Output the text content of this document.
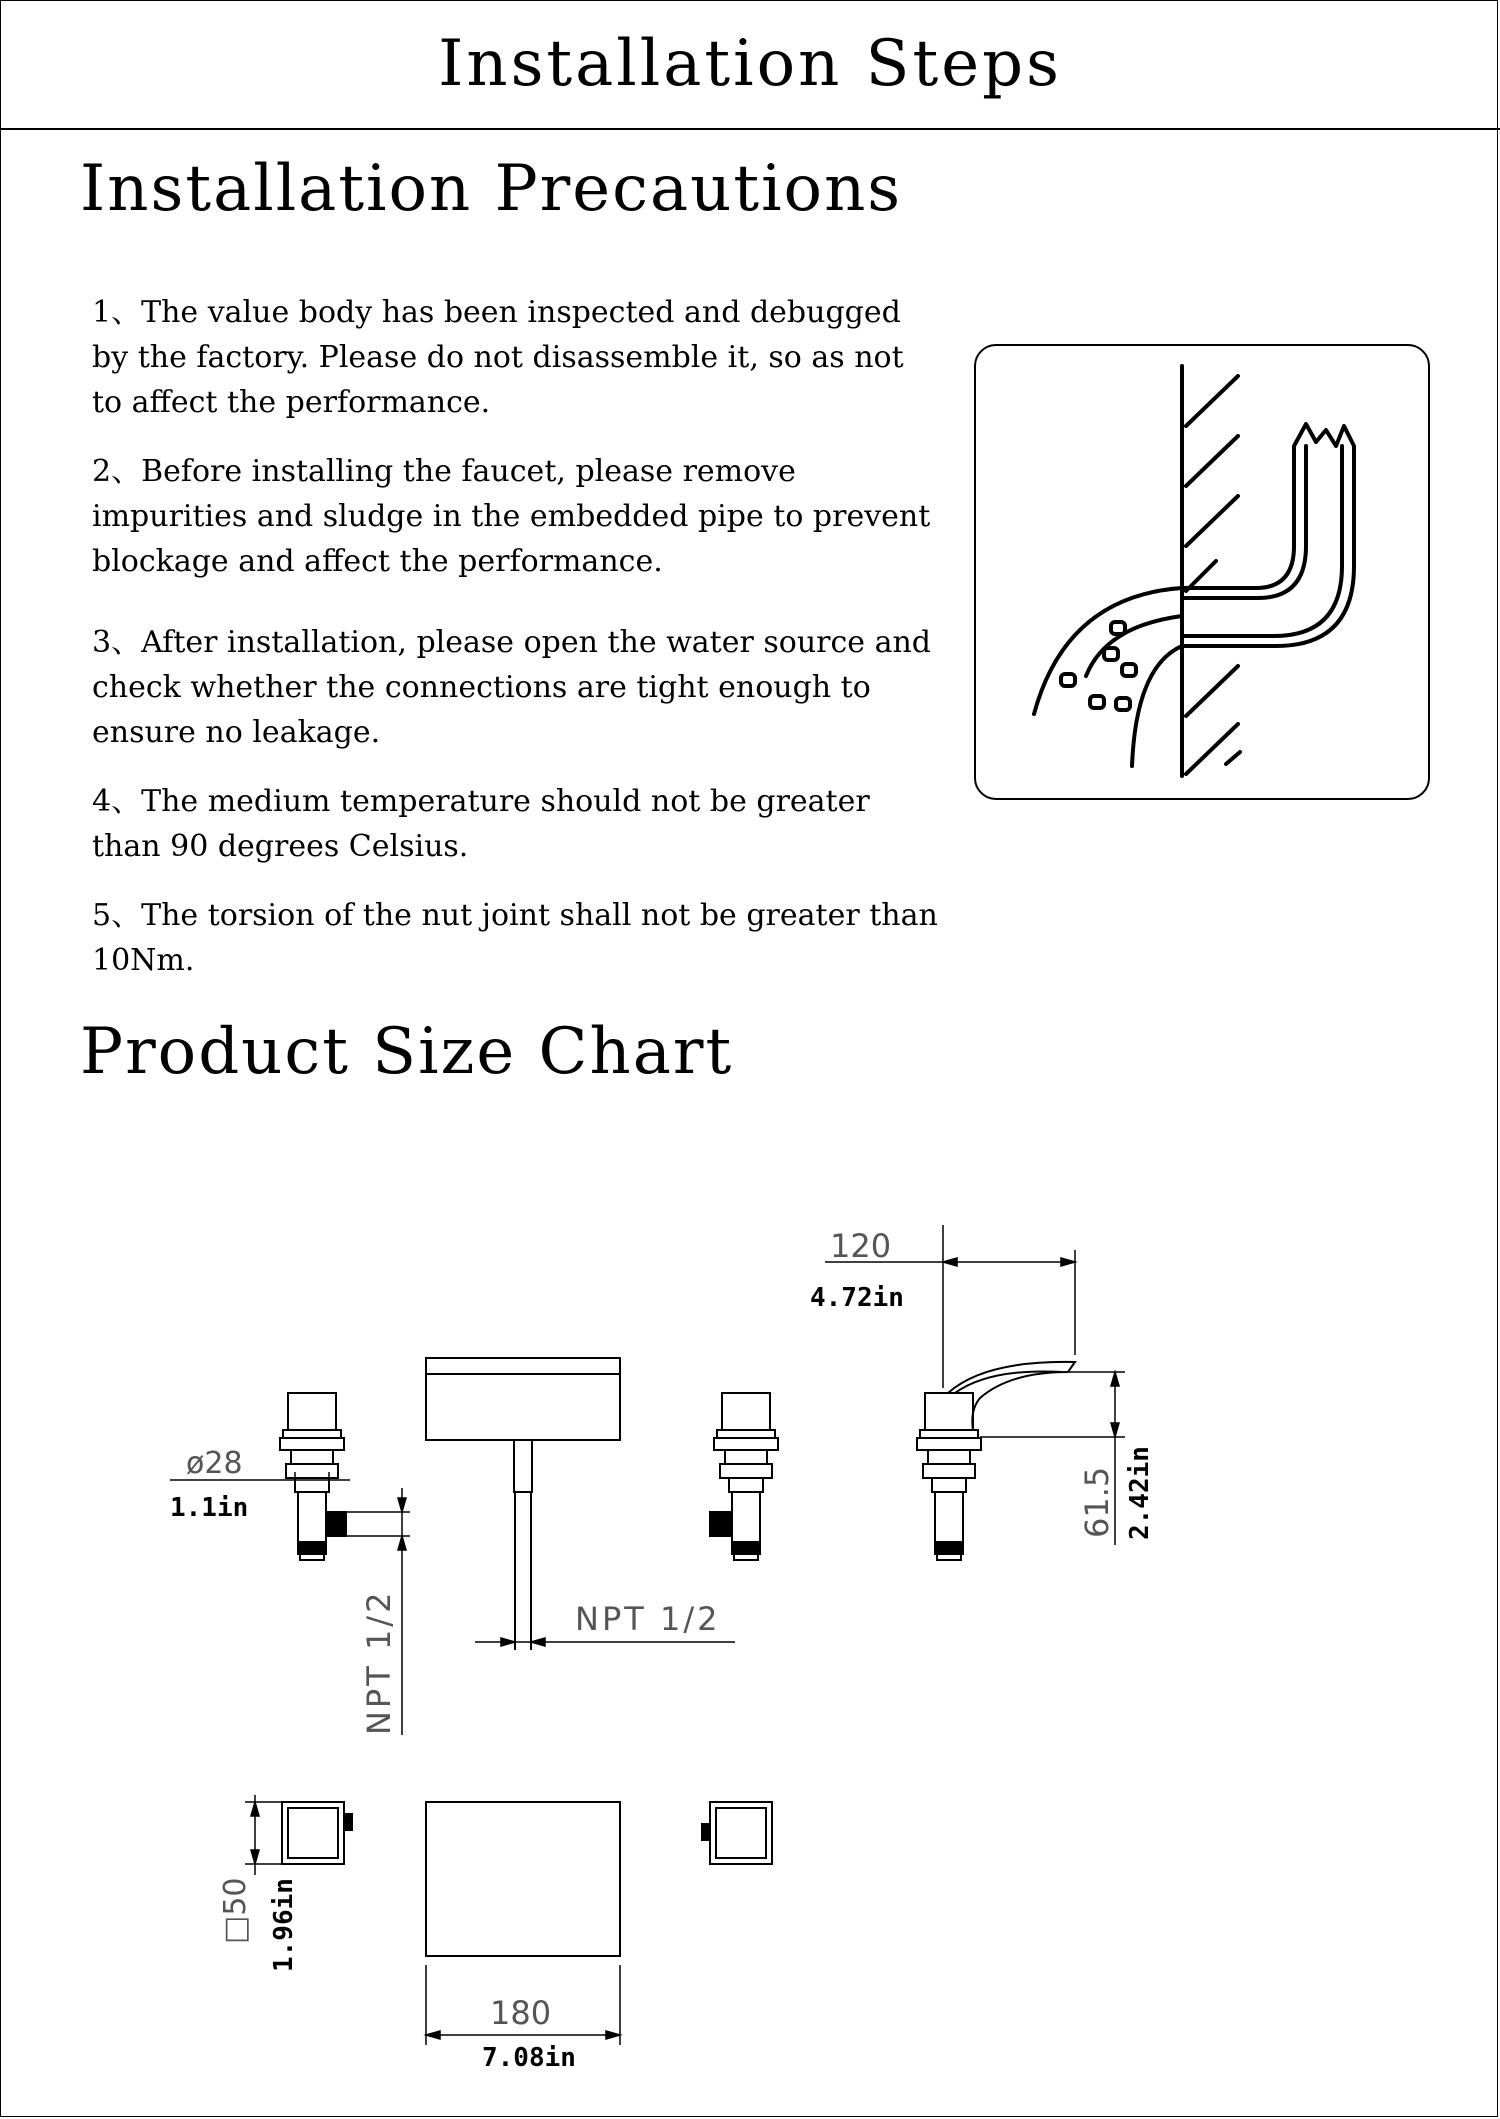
Installation Steps
Installation Precautions

1、The value body has been inspected and debugged by the factory. Please do not disassemble it, so as not to affect the performance.

2、Before installing the faucet, please remove impurities and sludge in the embedded pipe to prevent blockage and affect the performance.

3、After installation, please open the water source and check whether the connections are tight enough to ensure no leakage.

4、The medium temperature should not be greater than 90 degrees Celsius.

5、The torsion of the nut joint shall not be greater than 10Nm.

Product Size Chart
120
4.72in
61.5 2.42in
ø28
1.1in
NPT 1/2	NPT 1/2
□50 1.96in
180
7.08in
